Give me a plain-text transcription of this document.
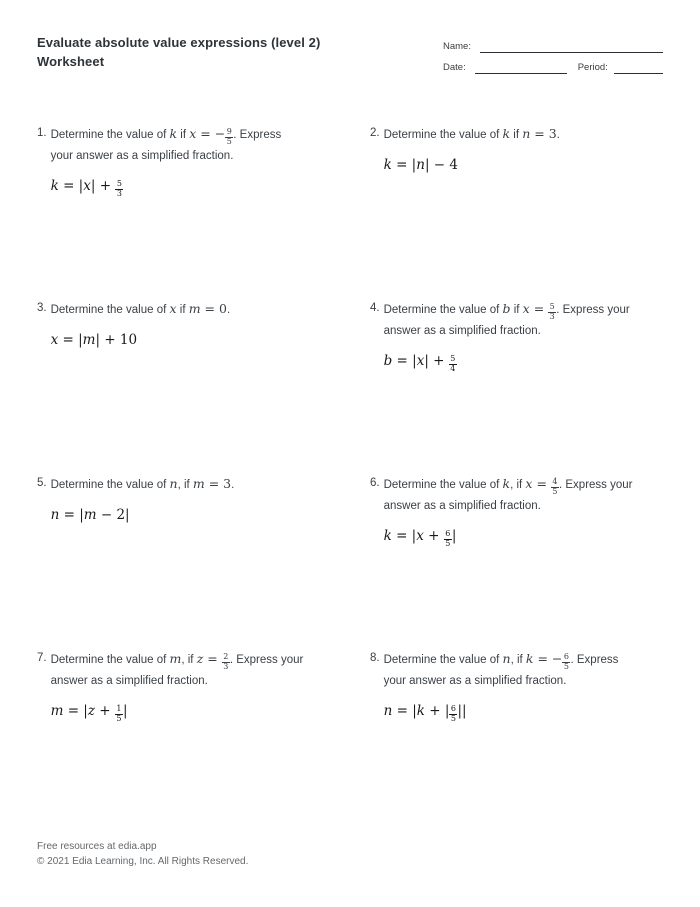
Evaluate absolute value expressions (level 2)
Worksheet
Name:
Date:	Period:
1. Determine the value of k if x = − $\frac{9}{5}$ . Express
your answer as a simplified fraction.
$k = |x| + \frac{5}{3}$
2. Determine the value of k if n = 3.
k = |n| − 4
3. Determine the value of x if m = 0.
x = |m| + 10
4. Determine the value of b if $x = \frac{5}{3}$ . Express your
answer as a simplified fraction.
$b = |x| + \frac{5}{4}$
5. Determine the value of n, if m = 3.
n = |m − 2|
6. Determine the value of k, if $x = \frac{4}{5}$ . Express your
answer as a simplified fraction.
$k = |x + \frac{6}{5}$ |
7. Determine the value of m, if $z = \frac{2}{3}$ . Express your
answer as a simplified fraction.
$m = |z + \frac{1}{5}$ |
8. Determine the value of n, if k = − $\frac{6}{5}$ . Express
your answer as a simplified fraction.
n = |k + | $\frac{6}{5}$ ||
Free resources at edia.app
© 2021 Edia Learning, Inc. All Rights Reserved.
